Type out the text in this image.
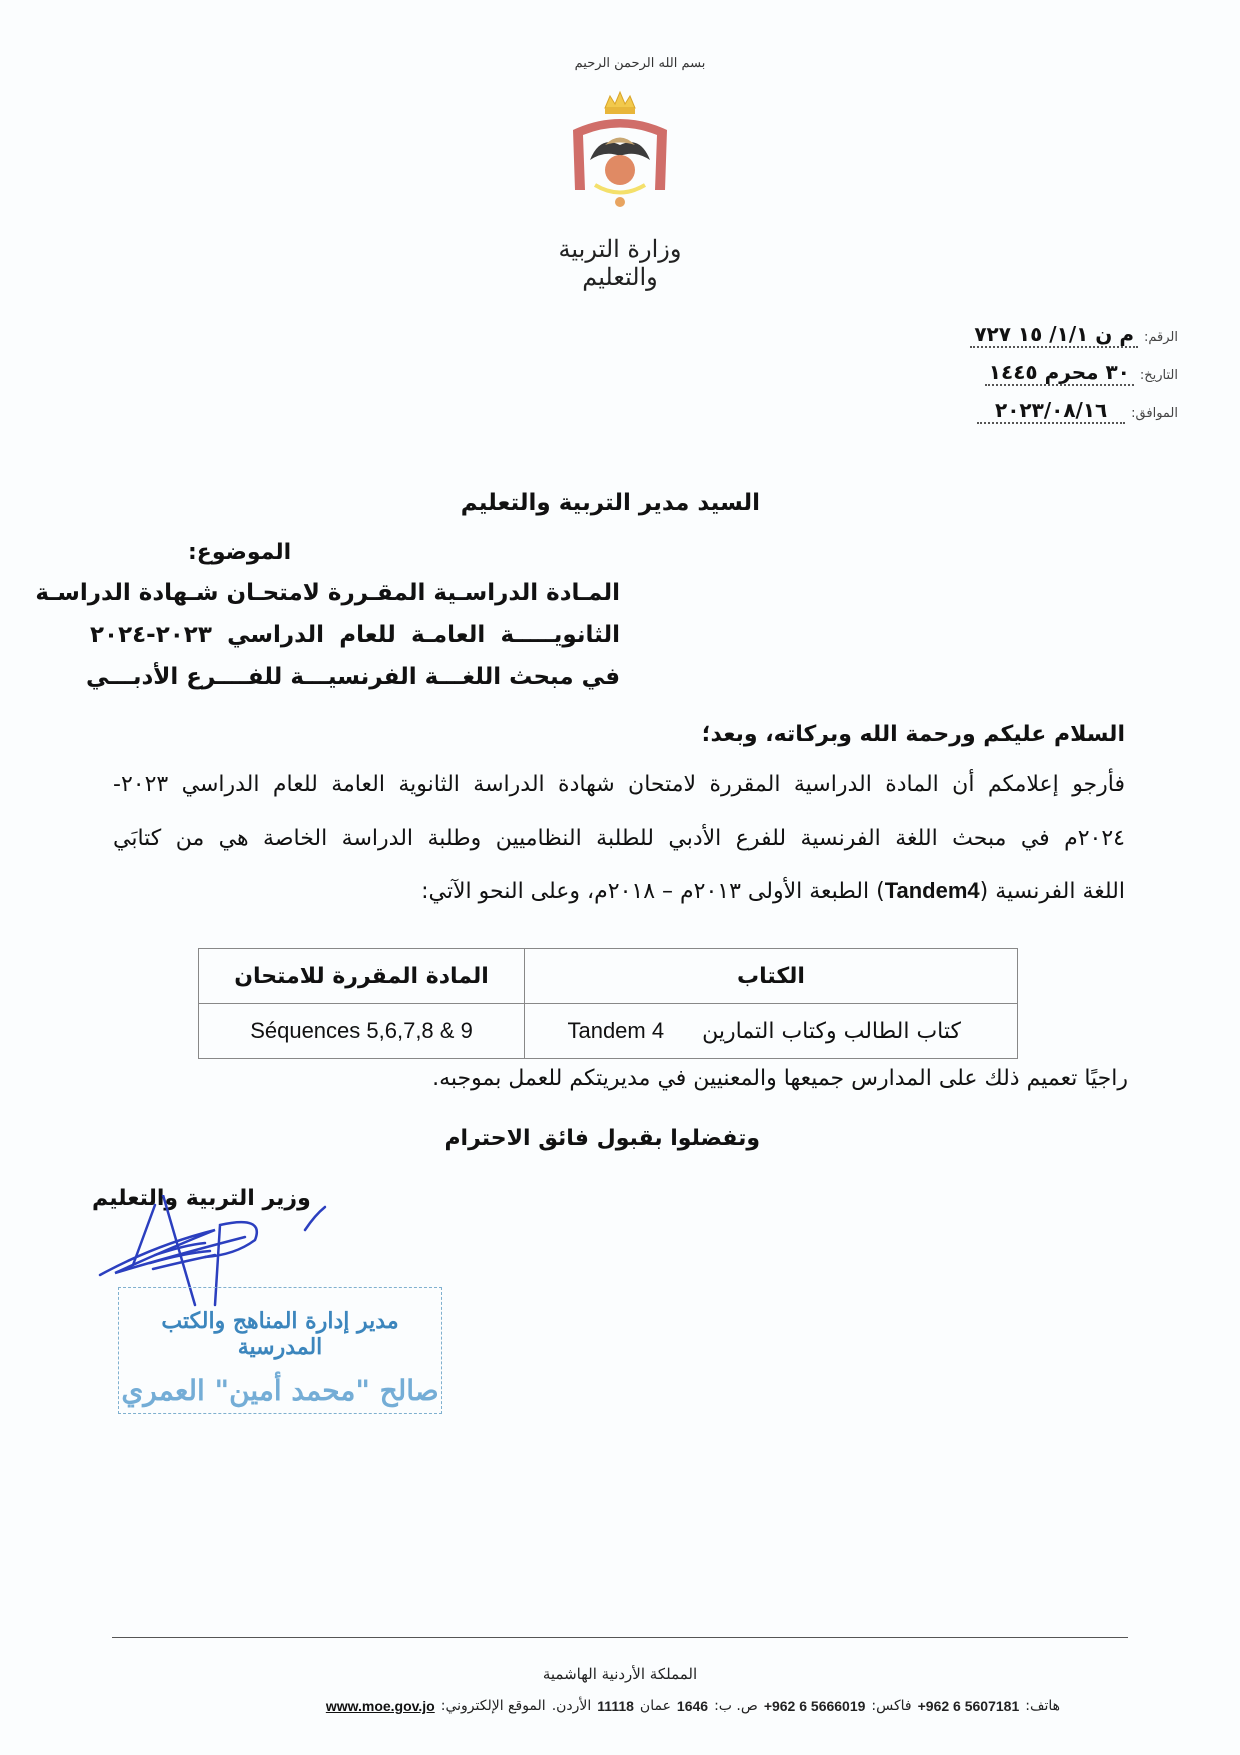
بسم الله الرحمن الرحيم
وزارة التربية والتعليم
الرقم:
م ن ١/١/ ١٥ ٧٢٧
التاريخ:
٣٠ محرم ١٤٤٥
الموافق:
٢٠٢٣/٠٨/١٦
السيد مدير التربية والتعليم
الموضوع:
المـادة الدراسـية المقـررة لامتحـان شـهادة الدراسـة
الثانويـــــة العامـة للعام الدراسي ٢٠٢٣-٢٠٢٤
في مبحث اللغـــة الفرنسيـــة للفــــرع الأدبـــي
السلام عليكم ورحمة الله وبركاته، وبعد؛
فأرجو إعلامكم أن المادة الدراسية المقررة لامتحان شهادة الدراسة الثانوية العامة للعام الدراسي ٢٠٢٣-
٢٠٢٤م في مبحث اللغة الفرنسية للفرع الأدبي للطلبة النظاميين وطلبة الدراسة الخاصة هي من كتابَي
اللغة الفرنسية (Tandem4) الطبعة الأولى ٢٠١٣م – ٢٠١٨م، وعلى النحو الآتي:
الكتاب	المادة المقررة للامتحان
كتاب الطالب وكتاب التمارينTandem 4	Séquences 5,6,7,8 & 9
راجيًا تعميم ذلك على المدارس جميعها والمعنيين في مديريتكم للعمل بموجبه.
وتفضلوا بقبول فائق الاحترام
وزير التربية والتعليم
مدير إدارة المناهج والكتب المدرسية
صالح "محمد أمين" العمري
المملكة الأردنية الهاشمية
هاتف:
+962 6 5607181
فاكس:
+962 6 5666019
ص. ب:
1646
عمان
11118
الأردن.
الموقع الإلكتروني:
www.moe.gov.jo
